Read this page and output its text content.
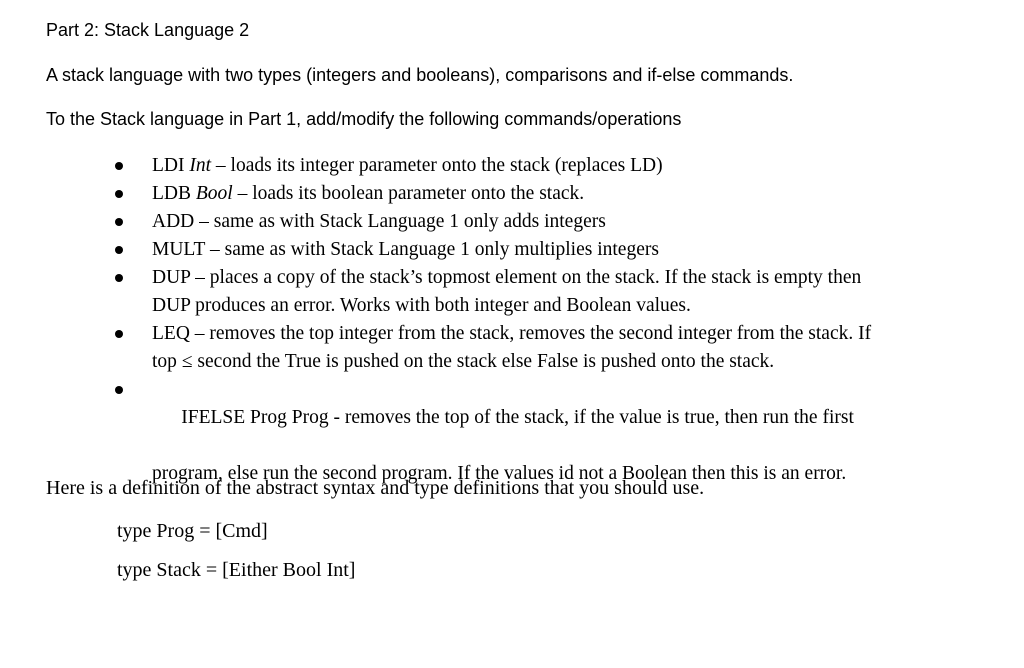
Part 2: Stack Language 2
A stack language with two types (integers and booleans), comparisons and if-else commands.
To the Stack language in Part 1, add/modify the following commands/operations
LDI Int – loads its integer parameter onto the stack (replaces LD)
LDB Bool – loads its boolean parameter onto the stack.
ADD – same as with Stack Language 1 only adds integers
MULT – same as with Stack Language 1 only multiplies integers
DUP – places a copy of the stack’s topmost element on the stack. If the stack is empty then
DUP produces an error. Works with both integer and Boolean values.
LEQ – removes the top integer from the stack, removes the second integer from the stack. If
top ≤ second the True is pushed on the stack else False is pushed onto the stack.

IFELSE Prog Prog - removes the top of the stack, if the value is true, then run the first

program, else run the second program. If the values id not a Boolean then this is an error.
Here is a definition of the abstract syntax and type definitions that you should use.
type Prog = [Cmd]
type Stack = [Either Bool Int]
